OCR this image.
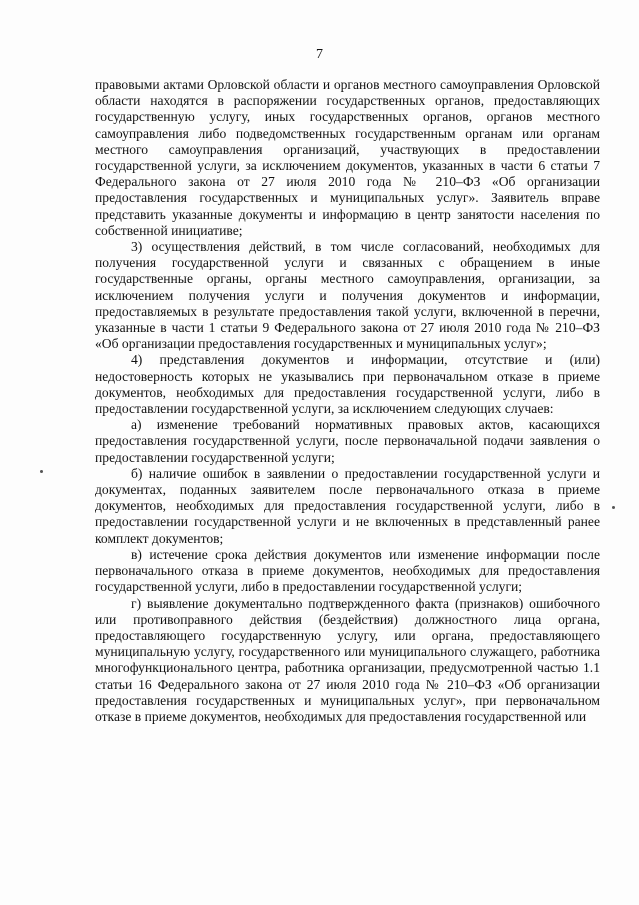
7

правовыми актами Орловской области и органов местного самоуправления Орловской области находятся в распоряжении государственных органов, предоставляющих государственную услугу, иных государственных органов, органов местного самоуправления либо подведомственных государственным органам или органам местного самоуправления организаций, участвующих в предоставлении государственной услуги, за исключением документов, указанных в части 6 статьи 7 Федерального закона от 27 июля 2010 года № 210–ФЗ «Об организации предоставления государственных и муниципальных услуг». Заявитель вправе представить указанные документы и информацию в центр занятости населения по собственной инициативе;

3) осуществления действий, в том числе согласований, необходимых для получения государственной услуги и связанных с обращением в иные государственные органы, органы местного самоуправления, организации, за исключением получения услуги и получения документов и информации, предоставляемых в результате предоставления такой услуги, включенной в перечни, указанные в части 1 статьи 9 Федерального закона от 27 июля 2010 года № 210–ФЗ «Об организации предоставления государственных и муниципальных услуг»;

4) представления документов и информации, отсутствие и (или) недостоверность которых не указывались при первоначальном отказе в приеме документов, необходимых для предоставления государственной услуги, либо в предоставлении государственной услуги, за исключением следующих случаев:

а) изменение требований нормативных правовых актов, касающихся предоставления государственной услуги, после первоначальной подачи заявления о предоставлении государственной услуги;

б) наличие ошибок в заявлении о предоставлении государственной услуги и документах, поданных заявителем после первоначального отказа в приеме документов, необходимых для предоставления государственной услуги, либо в предоставлении государственной услуги и не включенных в представленный ранее комплект документов;

в) истечение срока действия документов или изменение информации после первоначального отказа в приеме документов, необходимых для предоставления государственной услуги, либо в предоставлении государственной услуги;

г) выявление документально подтвержденного факта (признаков) ошибочного или противоправного действия (бездействия) должностного лица органа, предоставляющего государственную услугу, или органа, предоставляющего муниципальную услугу, государственного или муниципального служащего, работника многофункционального центра, работника организации, предусмотренной частью 1.1 статьи 16 Федерального закона от 27 июля 2010 года № 210–ФЗ «Об организации предоставления государственных и муниципальных услуг», при первоначальном отказе в приеме документов, необходимых для предоставления государственной или
